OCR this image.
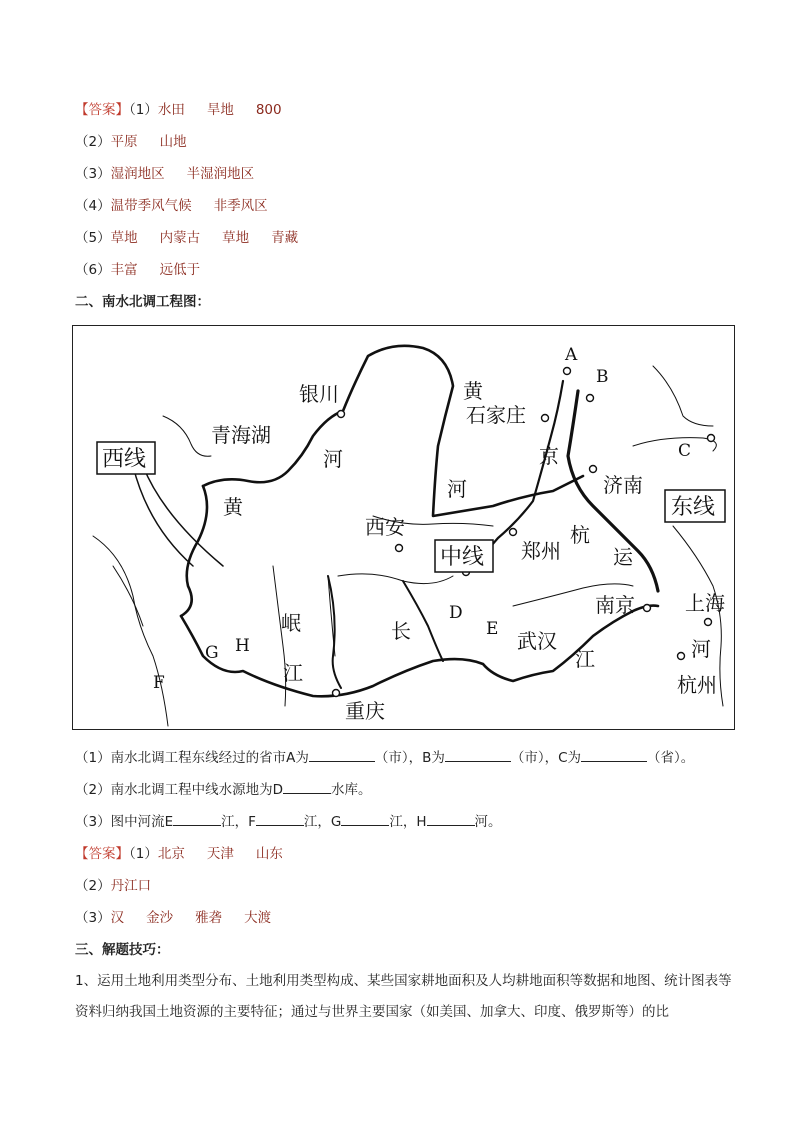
【答案】（1）水田 旱地 800
（2）平原 山地
（3）湿润地区 半湿润地区
（4）温带季风气候 非季风区
（5）草地 内蒙古 草地 青藏
（6）丰富 远低于
二、南水北调工程图：
银川
青海湖
西线	河
黄
黄
石家庄
京
河	济南
东线
西安
中线 郑州
杭
运
南京	上海
河
岷
江
长	武汉
江
杭州
重庆
A
B
C
D
E
F
G H
（1）南水北调工程东线经过的省市A为	（市），B为	（市），C为	（省）。
（2）南水北调工程中线水源地为D	水库。
（3）图中河流E	江，F	江，G	江，H	河。
【答案】（1）北京 天津 山东
（2）丹江口
（3）汉 金沙 雅砻 大渡
三、解题技巧：
1、运用土地利用类型分布、土地利用类型构成、某些国家耕地面积及人均耕地面积等数据和地图、统计图表等资料归纳我国土地资源的主要特征；通过与世界主要国家（如美国、加拿大、印度、俄罗斯等）的比
